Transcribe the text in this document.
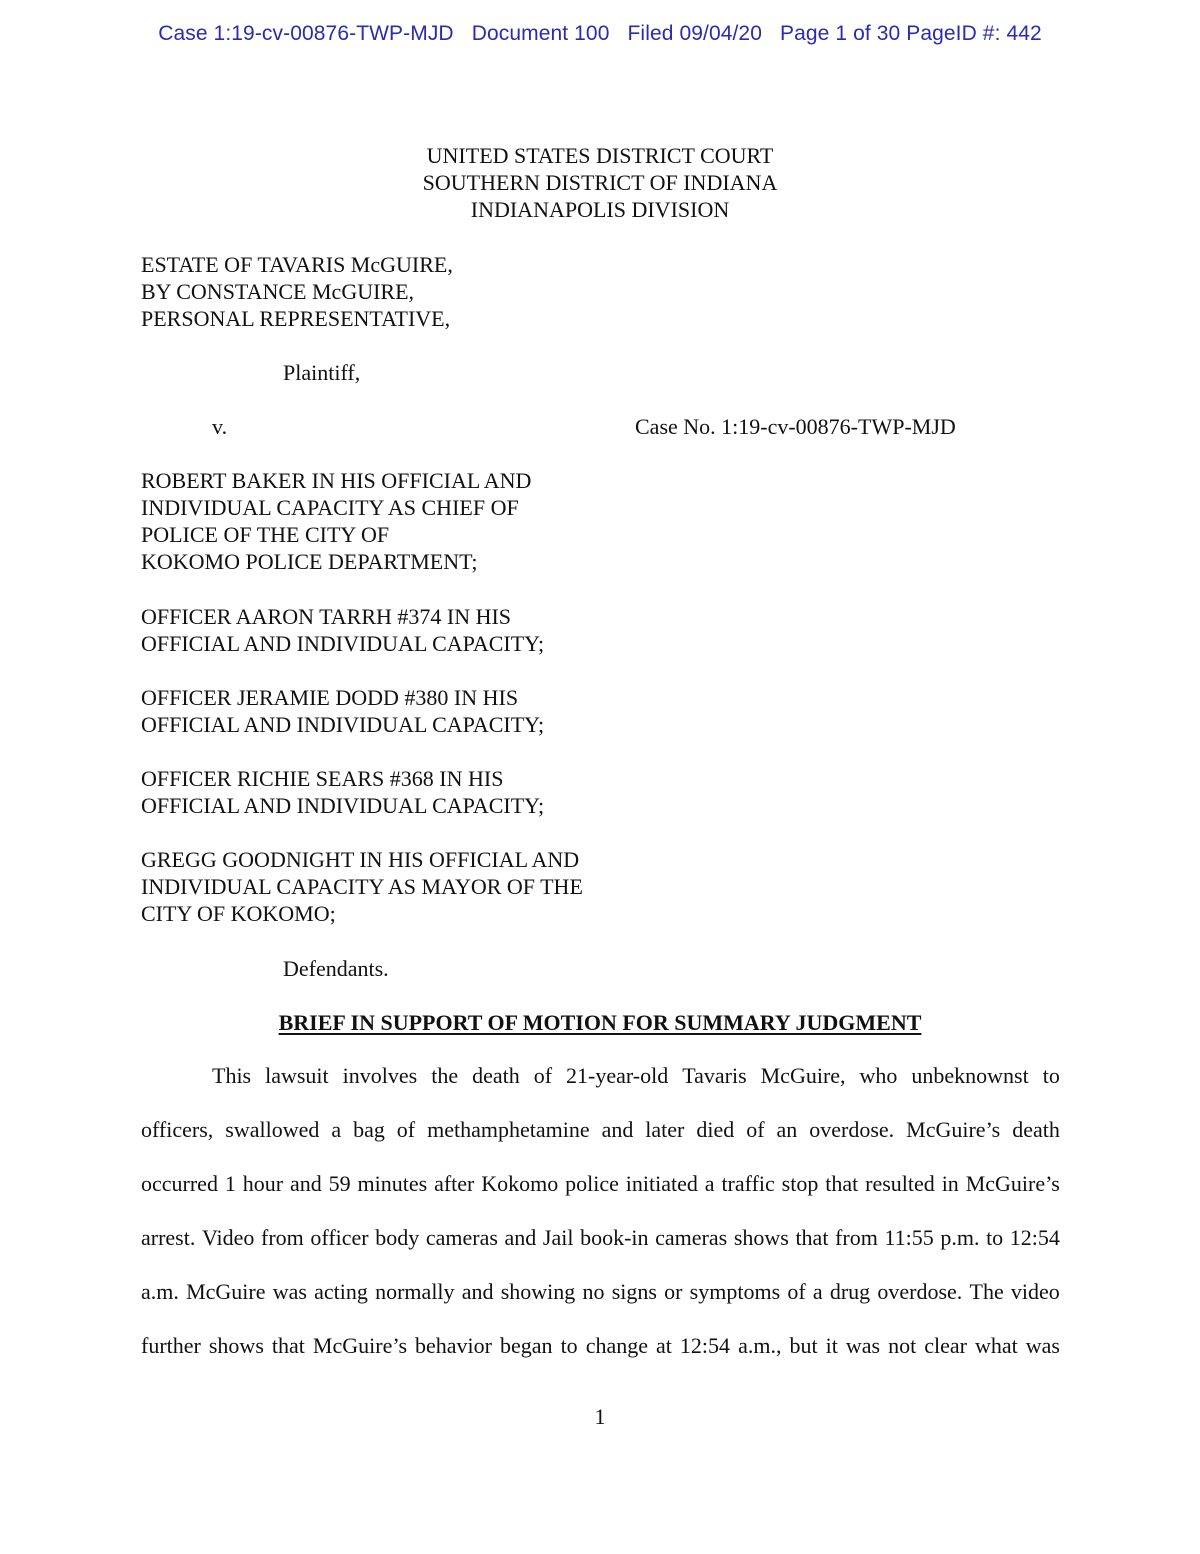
Case 1:19-cv-00876-TWP-MJD Document 100 Filed 09/04/20 Page 1 of 30 PageID #: 442
UNITED STATES DISTRICT COURT
SOUTHERN DISTRICT OF INDIANA
INDIANAPOLIS DIVISION
ESTATE OF TAVARIS McGUIRE,
BY CONSTANCE McGUIRE,
PERSONAL REPRESENTATIVE,
Plaintiff,
v.	Case No. 1:19-cv-00876-TWP-MJD
ROBERT BAKER IN HIS OFFICIAL AND
INDIVIDUAL CAPACITY AS CHIEF OF
POLICE OF THE CITY OF
KOKOMO POLICE DEPARTMENT;
OFFICER AARON TARRH #374 IN HIS
OFFICIAL AND INDIVIDUAL CAPACITY;
OFFICER JERAMIE DODD #380 IN HIS
OFFICIAL AND INDIVIDUAL CAPACITY;
OFFICER RICHIE SEARS #368 IN HIS
OFFICIAL AND INDIVIDUAL CAPACITY;
GREGG GOODNIGHT IN HIS OFFICIAL AND
INDIVIDUAL CAPACITY AS MAYOR OF THE
CITY OF KOKOMO;
Defendants.
BRIEF IN SUPPORT OF MOTION FOR SUMMARY JUDGMENT
This lawsuit involves the death of 21-year-old Tavaris McGuire, who unbeknownst to
officers, swallowed a bag of methamphetamine and later died of an overdose. McGuire’s death
occurred 1 hour and 59 minutes after Kokomo police initiated a traffic stop that resulted in McGuire’s
arrest. Video from officer body cameras and Jail book-in cameras shows that from 11:55 p.m. to 12:54
a.m. McGuire was acting normally and showing no signs or symptoms of a drug overdose. The video
further shows that McGuire’s behavior began to change at 12:54 a.m., but it was not clear what was
1
